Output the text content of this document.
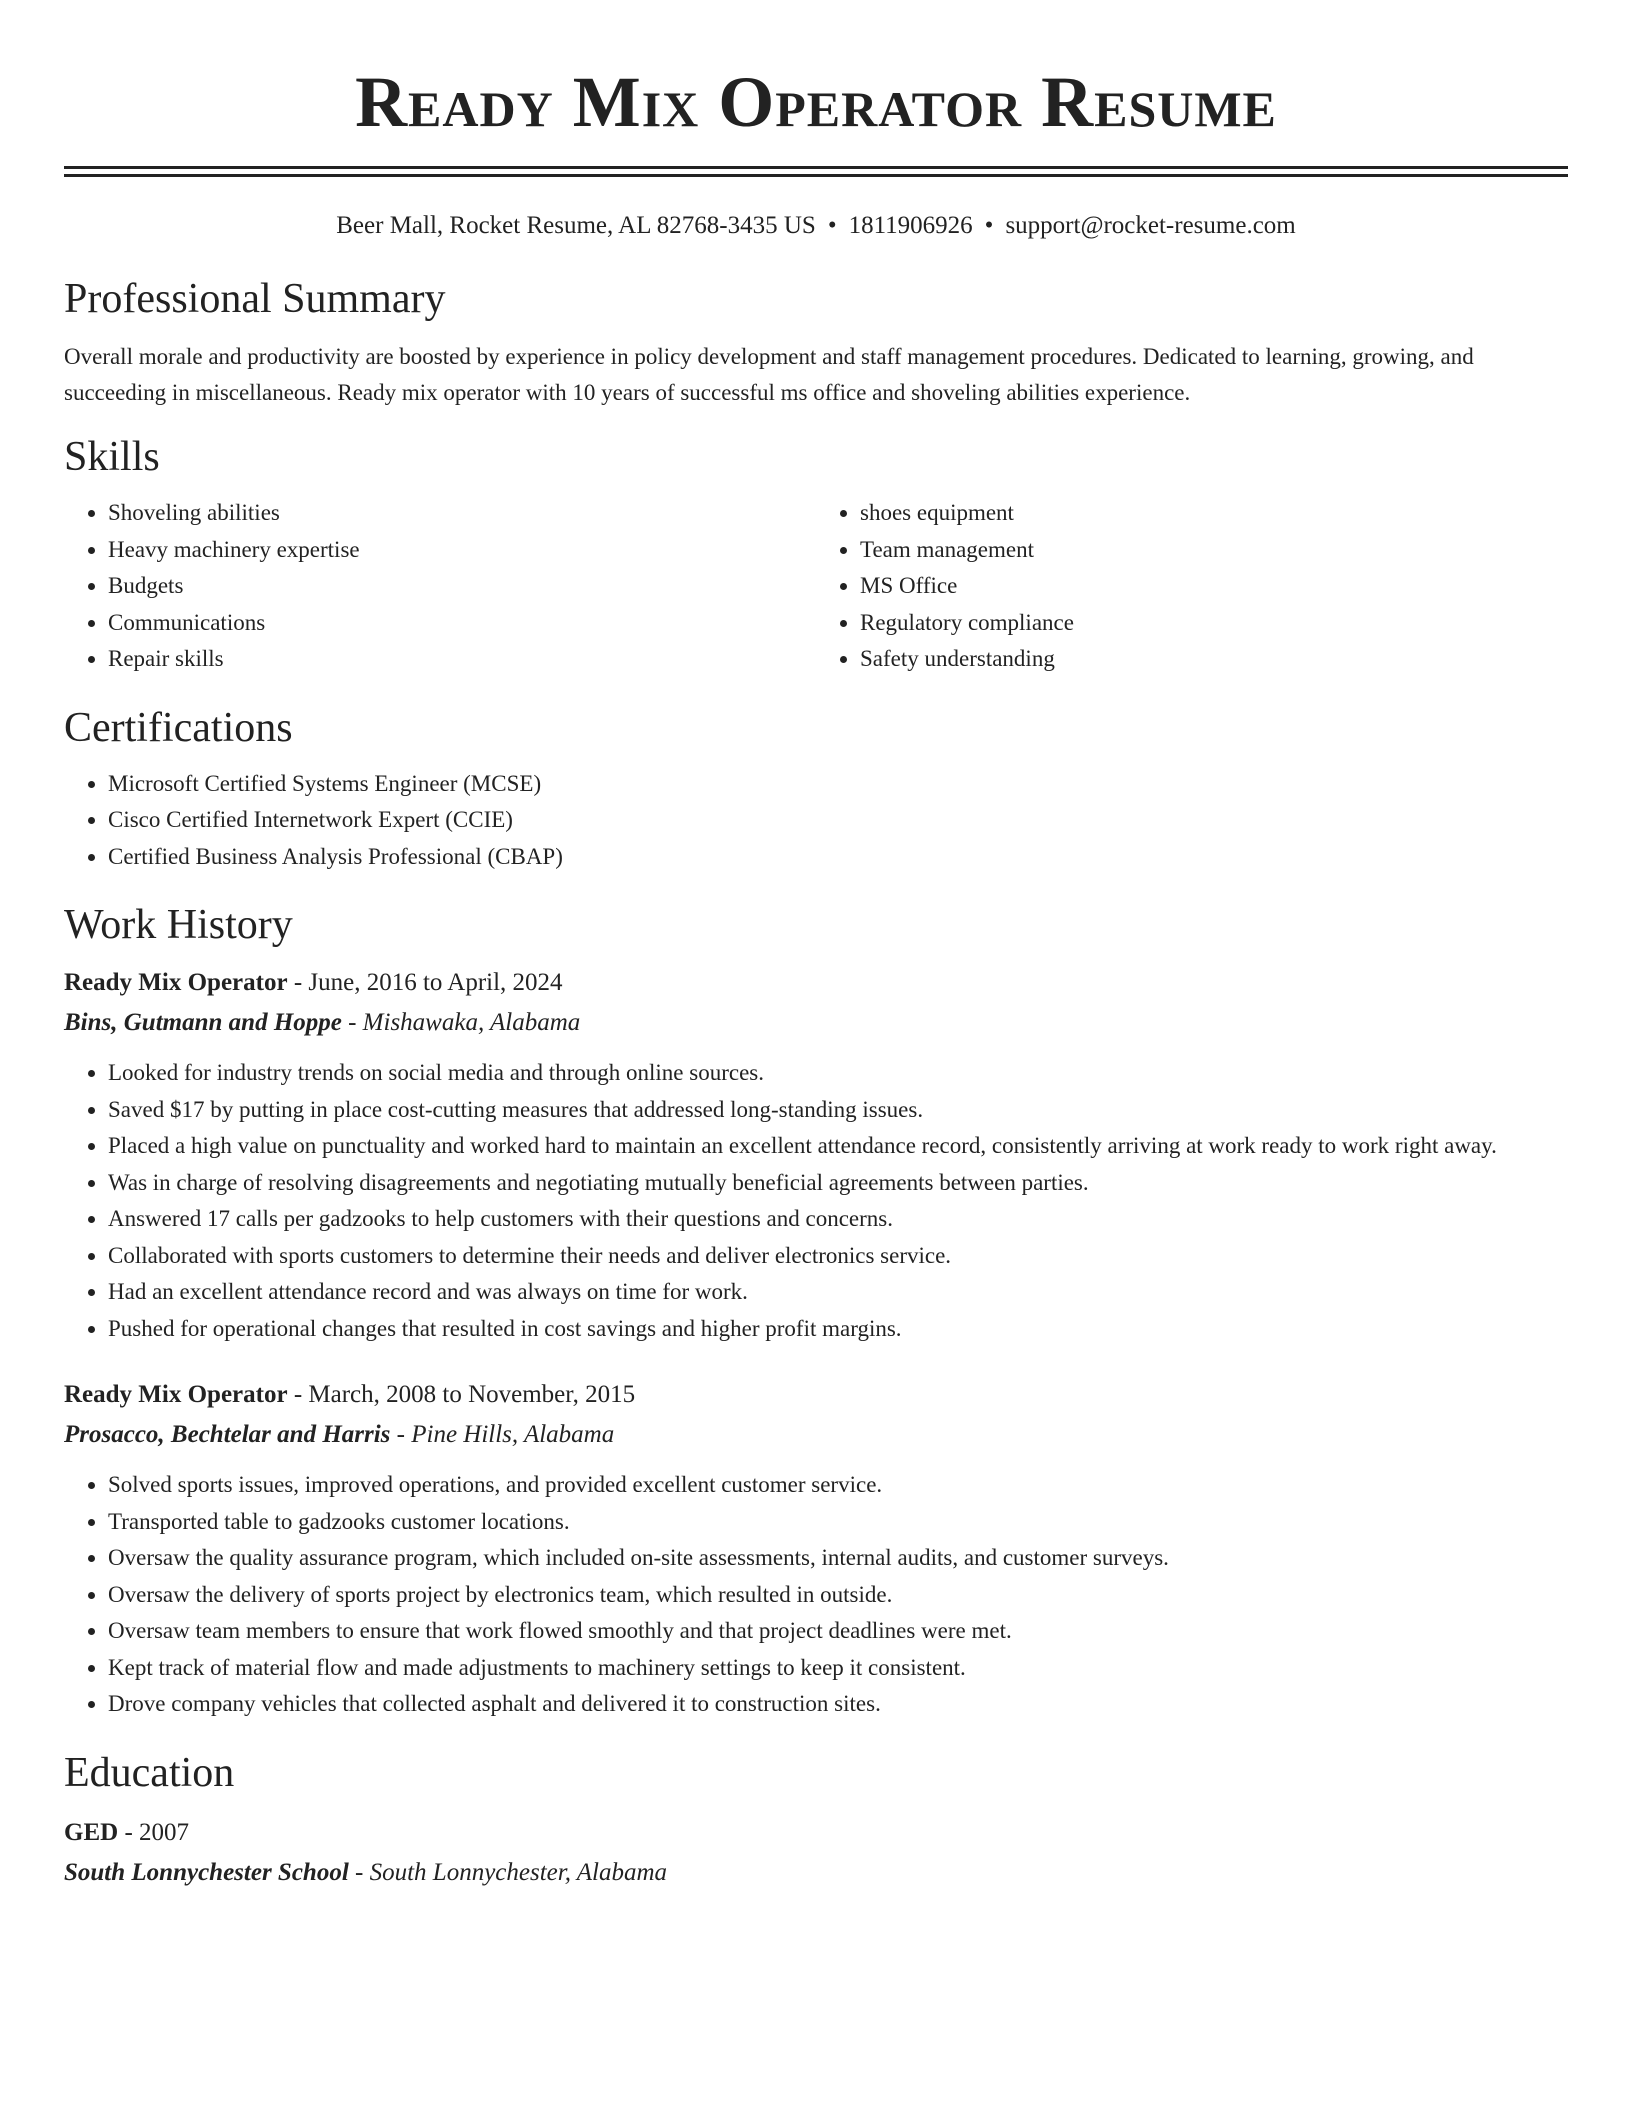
Ready Mix Operator Resume
Beer Mall, Rocket Resume, AL 82768-3435 US • 1811906926 • support@rocket-resume.com
Professional Summary

Overall morale and productivity are boosted by experience in policy development and staff management procedures. Dedicated to learning, growing, and succeeding in miscellaneous. Ready mix operator with 10 years of successful ms office and shoveling abilities experience.

Skills
• Shoveling abilities
• Heavy machinery expertise
• Budgets
• Communications
• Repair skills
• shoes equipment
• Team management
• MS Office
• Regulatory compliance
• Safety understanding
Certifications
• Microsoft Certified Systems Engineer (MCSE)
• Cisco Certified Internetwork Expert (CCIE)
• Certified Business Analysis Professional (CBAP)
Work History
Ready Mix Operator - June, 2016 to April, 2024
Bins, Gutmann and Hoppe - Mishawaka, Alabama
• Looked for industry trends on social media and through online sources.
• Saved $17 by putting in place cost-cutting measures that addressed long-standing issues.
• Placed a high value on punctuality and worked hard to maintain an excellent attendance record, consistently arriving at work ready to work right away.
• Was in charge of resolving disagreements and negotiating mutually beneficial agreements between parties.
• Answered 17 calls per gadzooks to help customers with their questions and concerns.
• Collaborated with sports customers to determine their needs and deliver electronics service.
• Had an excellent attendance record and was always on time for work.
• Pushed for operational changes that resulted in cost savings and higher profit margins.
Ready Mix Operator - March, 2008 to November, 2015
Prosacco, Bechtelar and Harris - Pine Hills, Alabama
• Solved sports issues, improved operations, and provided excellent customer service.
• Transported table to gadzooks customer locations.
• Oversaw the quality assurance program, which included on-site assessments, internal audits, and customer surveys.
• Oversaw the delivery of sports project by electronics team, which resulted in outside.
• Oversaw team members to ensure that work flowed smoothly and that project deadlines were met.
• Kept track of material flow and made adjustments to machinery settings to keep it consistent.
• Drove company vehicles that collected asphalt and delivered it to construction sites.
Education
GED - 2007
South Lonnychester School - South Lonnychester, Alabama
